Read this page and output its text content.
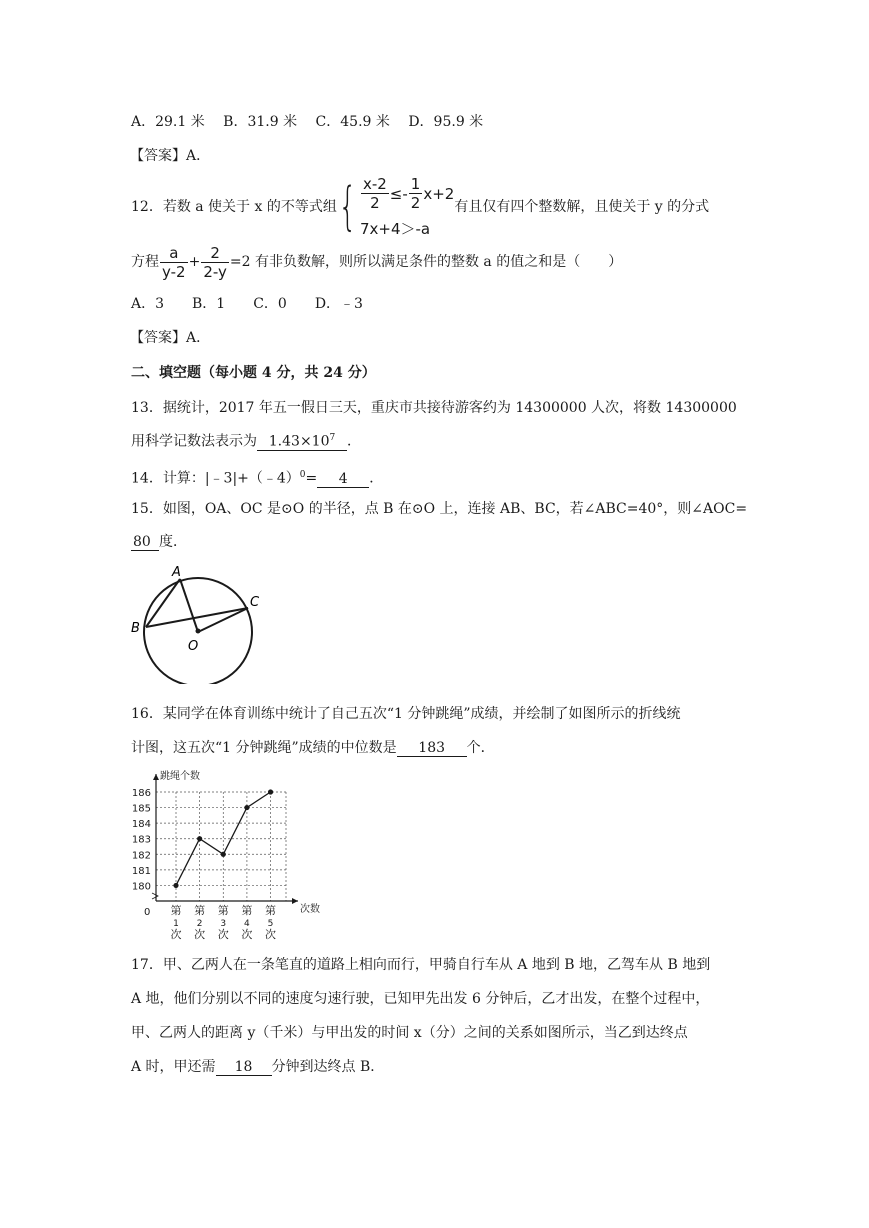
A．29.1 米　 B．31.9 米　 C．45.9 米　 D．95.9 米
【答案】A．
12．若数 a 使关于 x 的不等式组 { $\frac{x-2}{2} \le- \frac{1}{2} x+2$
7x+4＞-a
有且仅有四个整数解，且使关于 y 的分式
方程 $\frac{a}{y-2} + \frac{2}{2-y} =2$ 有非负数解，则所以满足条件的整数 a 的值之和是（　　）
A．3　　B．1　　C．0　　D．﹣3
【答案】A．
二、填空题（每小题 4 分，共 24 分）
13．据统计，2017 年五一假日三天，重庆市共接待游客约为 14300000 人次，将数 14300000
用科学记数法表示为 $1.43\times 10^7$ ．
14．计算：|﹣3|+（﹣4）$^0$= 4 ．
15．如图，OA、OC 是⊙O 的半径，点 B 在⊙O 上，连接 AB、BC，若∠ABC=40°，则∠AOC=
80 度．
A
B
C
O
16．某同学在体育训练中统计了自己五次“1 分钟跳绳”成绩，并绘制了如图所示的折线统
计图，这五次“1 分钟跳绳”成绩的中位数是 183 个．
180
181
182
183
184
185
186
0
跳绳个数
次数
第
1
次
第
2
次
第
3
次
第
4
次
第
5
次
17．甲、乙两人在一条笔直的道路上相向而行，甲骑自行车从 A 地到 B 地，乙驾车从 B 地到
A 地，他们分别以不同的速度匀速行驶，已知甲先出发 6 分钟后，乙才出发，在整个过程中，
甲、乙两人的距离 y（千米）与甲出发的时间 x（分）之间的关系如图所示，当乙到达终点
A 时，甲还需 18 分钟到达终点 B．
